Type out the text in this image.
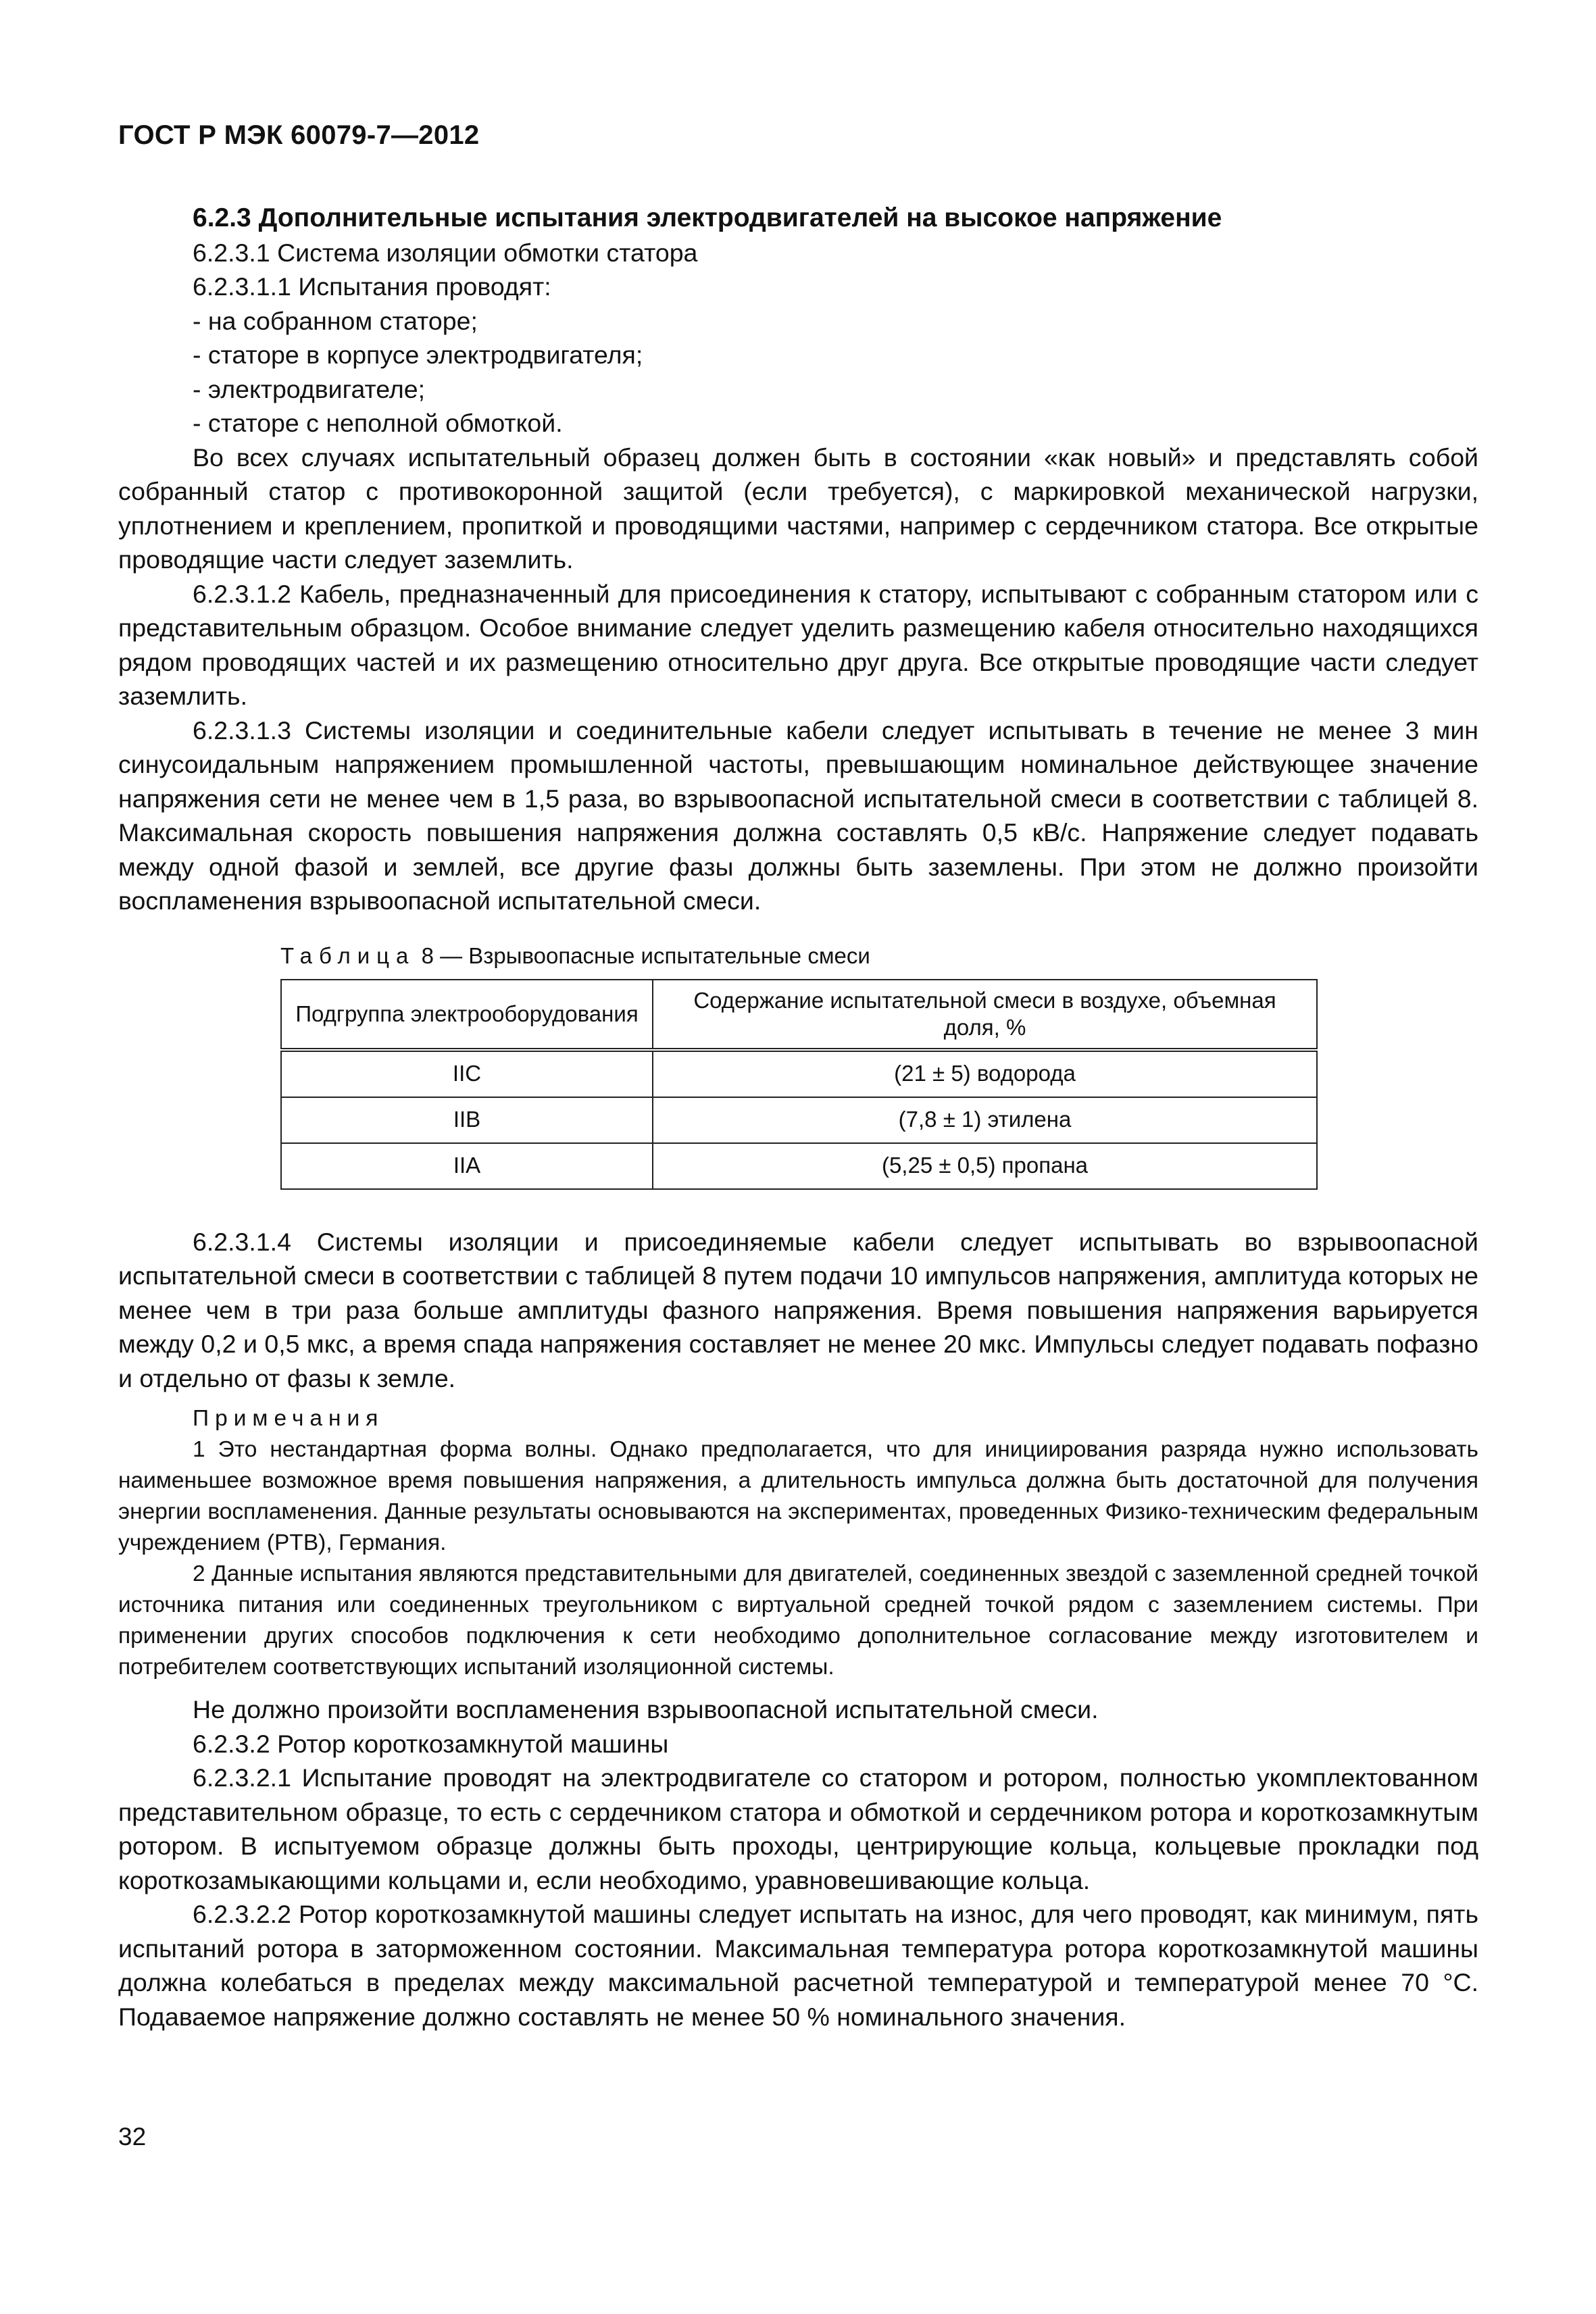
ГОСТ Р МЭК 60079-7—2012

6.2.3 Дополнительные испытания электродвигателей на высокое напряжение

6.2.3.1 Система изоляции обмотки статора

6.2.3.1.1 Испытания проводят:

- на собранном статоре;

- статоре в корпусе электродвигателя;

- электродвигателе;

- статоре с неполной обмоткой.

Во всех случаях испытательный образец должен быть в состоянии «как новый» и представлять собой собранный статор с противокоронной защитой (если требуется), с маркировкой механической нагрузки, уплотнением и креплением, пропиткой и проводящими частями, например с сердечником статора. Все открытые проводящие части следует заземлить.

6.2.3.1.2 Кабель, предназначенный для присоединения к статору, испытывают с собранным статором или с представительным образцом. Особое внимание следует уделить размещению кабеля относительно находящихся рядом проводящих частей и их размещению относительно друг друга. Все открытые проводящие части следует заземлить.

6.2.3.1.3 Системы изоляции и соединительные кабели следует испытывать в течение не менее 3 мин синусоидальным напряжением промышленной частоты, превышающим номинальное действующее значение напряжения сети не менее чем в 1,5 раза, во взрывоопасной испытательной смеси в соответствии с таблицей 8. Максимальная скорость повышения напряжения должна составлять 0,5 кВ/с. Напряжение следует подавать между одной фазой и землей, все другие фазы должны быть заземлены. При этом не должно произойти воспламенения взрывоопасной испытательной смеси.

Таблица 8 — Взрывоопасные испытательные смеси
Подгруппа электрооборудования	Содержание испытательной смеси в воздухе, объемная доля, %
IIC	(21 ± 5) водорода
IIB	(7,8 ± 1) этилена
IIA	(5,25 ± 0,5) пропана

6.2.3.1.4 Системы изоляции и присоединяемые кабели следует испытывать во взрывоопасной испытательной смеси в соответствии с таблицей 8 путем подачи 10 импульсов напряжения, амплитуда которых не менее чем в три раза больше амплитуды фазного напряжения. Время повышения напряжения варьируется между 0,2 и 0,5 мкс, а время спада напряжения составляет не менее 20 мкс. Импульсы следует подавать пофазно и отдельно от фазы к земле.

Примечания

1 Это нестандартная форма волны. Однако предполагается, что для инициирования разряда нужно использовать наименьшее возможное время повышения напряжения, а длительность импульса должна быть достаточной для получения энергии воспламенения. Данные результаты основываются на экспериментах, проведенных Физико-техническим федеральным учреждением (PTB), Германия.

2 Данные испытания являются представительными для двигателей, соединенных звездой с заземленной средней точкой источника питания или соединенных треугольником с виртуальной средней точкой рядом с заземлением системы. При применении других способов подключения к сети необходимо дополнительное согласование между изготовителем и потребителем соответствующих испытаний изоляционной системы.

Не должно произойти воспламенения взрывоопасной испытательной смеси.

6.2.3.2 Ротор короткозамкнутой машины

6.2.3.2.1 Испытание проводят на электродвигателе со статором и ротором, полностью укомплектованном представительном образце, то есть с сердечником статора и обмоткой и сердечником ротора и короткозамкнутым ротором. В испытуемом образце должны быть проходы, центрирующие кольца, кольцевые прокладки под короткозамыкающими кольцами и, если необходимо, уравновешивающие кольца.

6.2.3.2.2 Ротор короткозамкнутой машины следует испытать на износ, для чего проводят, как минимум, пять испытаний ротора в заторможенном состоянии. Максимальная температура ротора короткозамкнутой машины должна колебаться в пределах между максимальной расчетной температурой и температурой менее 70 °С. Подаваемое напряжение должно составлять не менее 50 % номинального значения.

32
